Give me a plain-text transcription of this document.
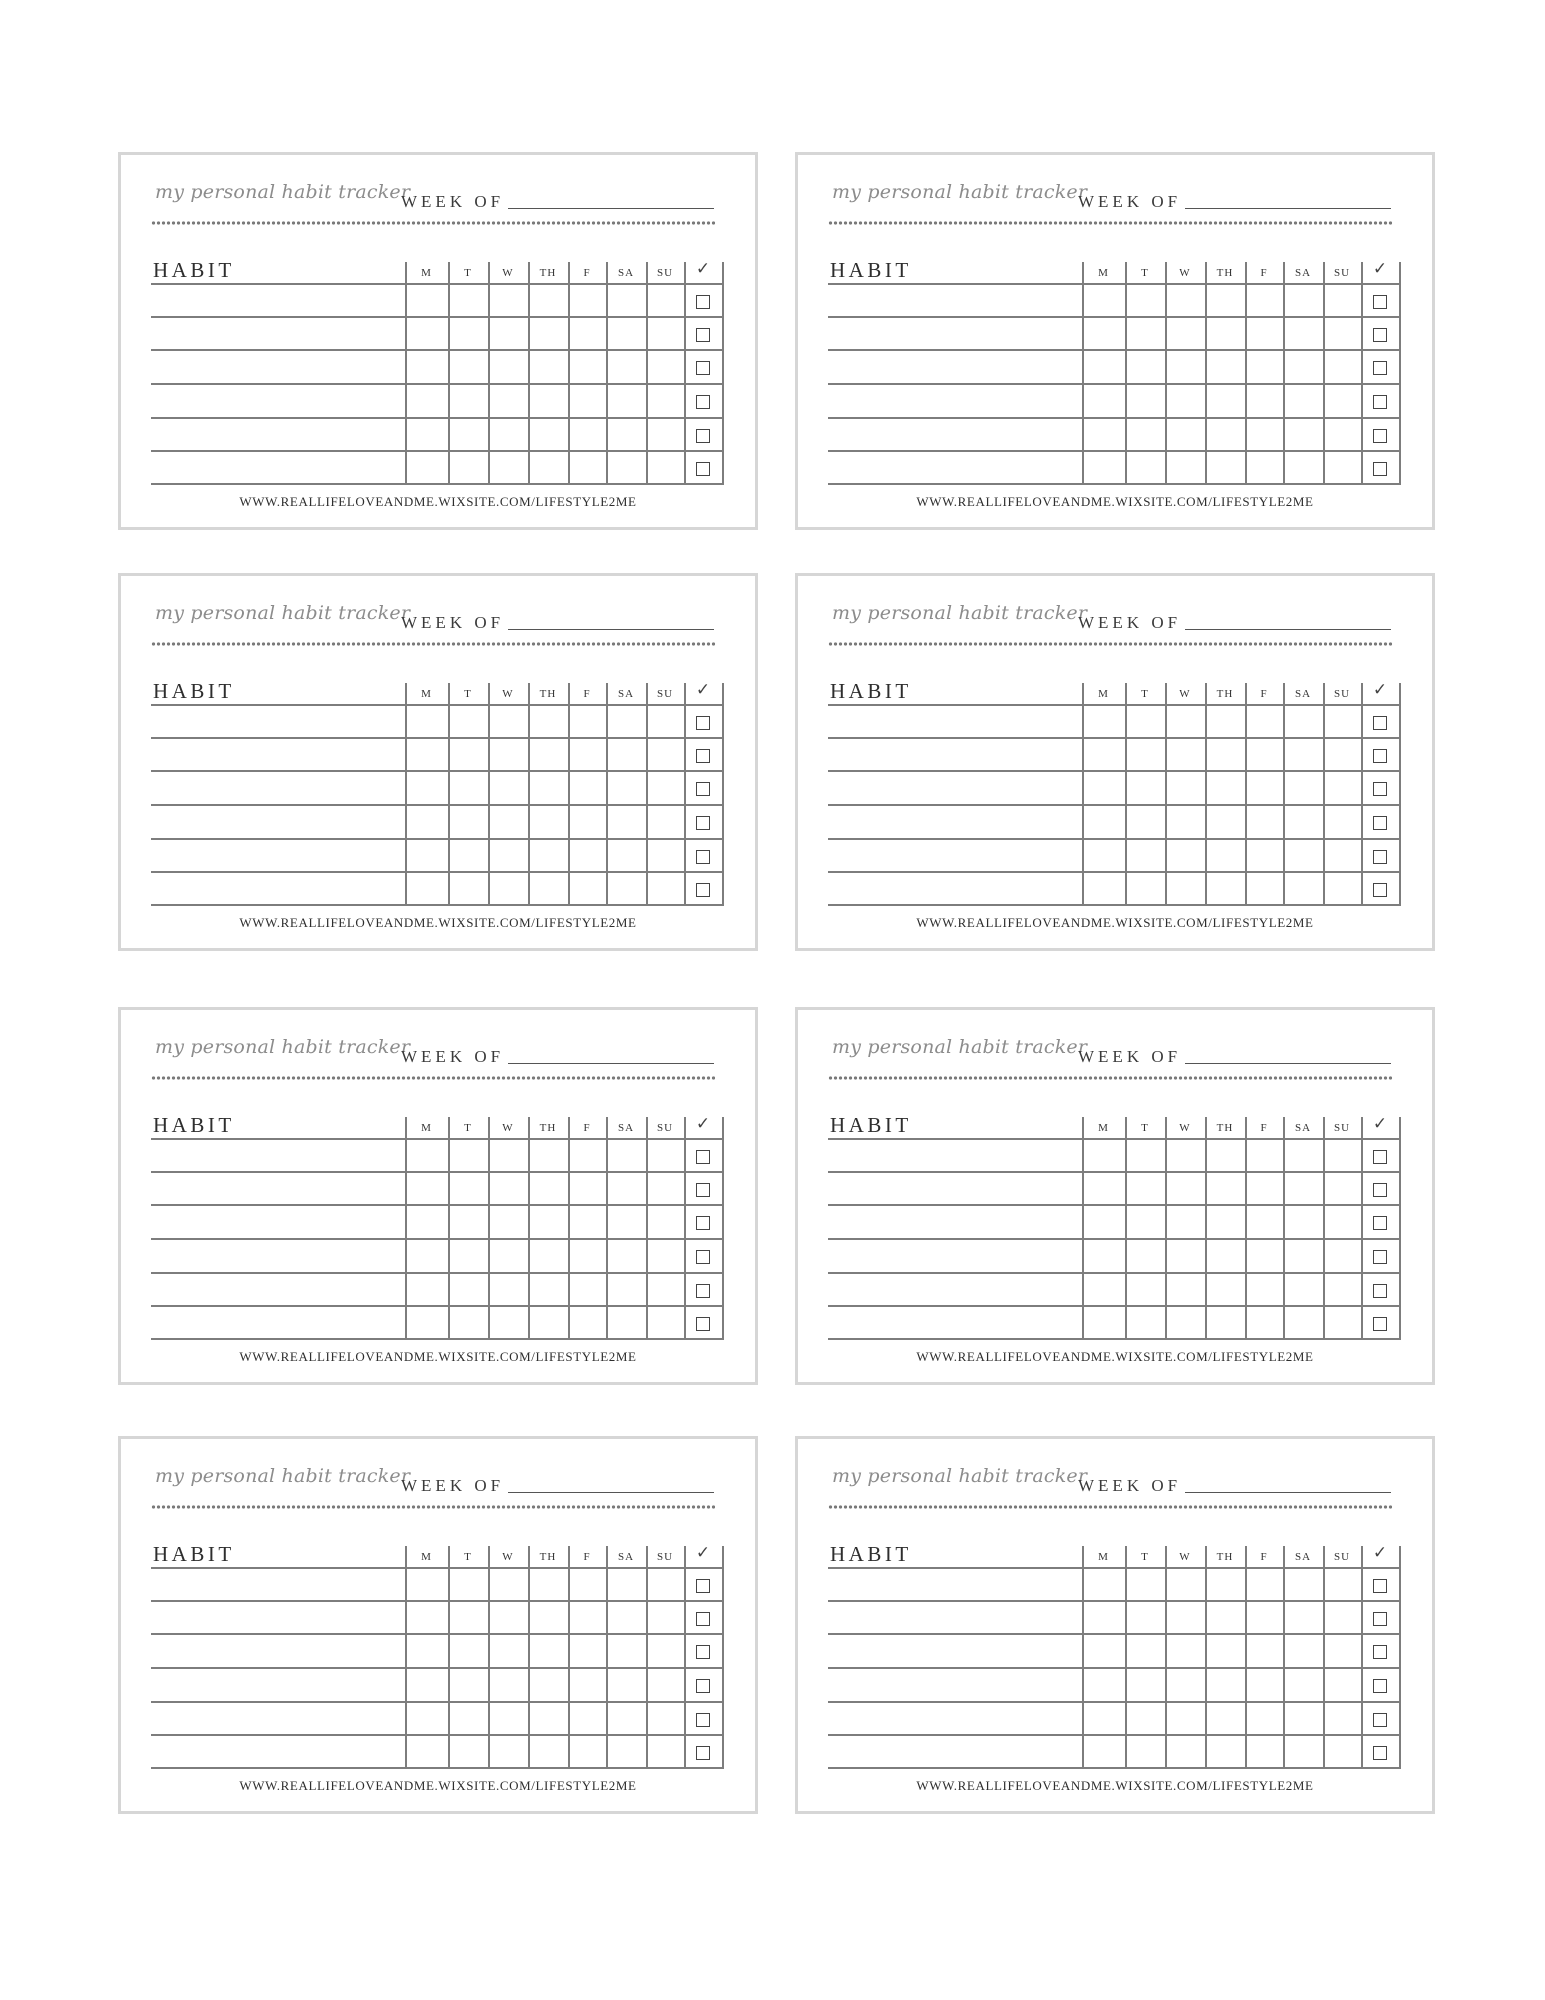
my personal habit tracker
WEEK OF
HABIT	M	T	W	TH	F	SA	SU	✓
WWW.REALLIFELOVEANDME.WIXSITE.COM/LIFESTYLE2ME
my personal habit tracker
WEEK OF
HABIT	M	T	W	TH	F	SA	SU	✓
WWW.REALLIFELOVEANDME.WIXSITE.COM/LIFESTYLE2ME
my personal habit tracker
WEEK OF
HABIT	M	T	W	TH	F	SA	SU	✓
WWW.REALLIFELOVEANDME.WIXSITE.COM/LIFESTYLE2ME
my personal habit tracker
WEEK OF
HABIT	M	T	W	TH	F	SA	SU	✓
WWW.REALLIFELOVEANDME.WIXSITE.COM/LIFESTYLE2ME
my personal habit tracker
WEEK OF
HABIT	M	T	W	TH	F	SA	SU	✓
WWW.REALLIFELOVEANDME.WIXSITE.COM/LIFESTYLE2ME
my personal habit tracker
WEEK OF
HABIT	M	T	W	TH	F	SA	SU	✓
WWW.REALLIFELOVEANDME.WIXSITE.COM/LIFESTYLE2ME
my personal habit tracker
WEEK OF
HABIT	M	T	W	TH	F	SA	SU	✓
WWW.REALLIFELOVEANDME.WIXSITE.COM/LIFESTYLE2ME
my personal habit tracker
WEEK OF
HABIT	M	T	W	TH	F	SA	SU	✓
WWW.REALLIFELOVEANDME.WIXSITE.COM/LIFESTYLE2ME
